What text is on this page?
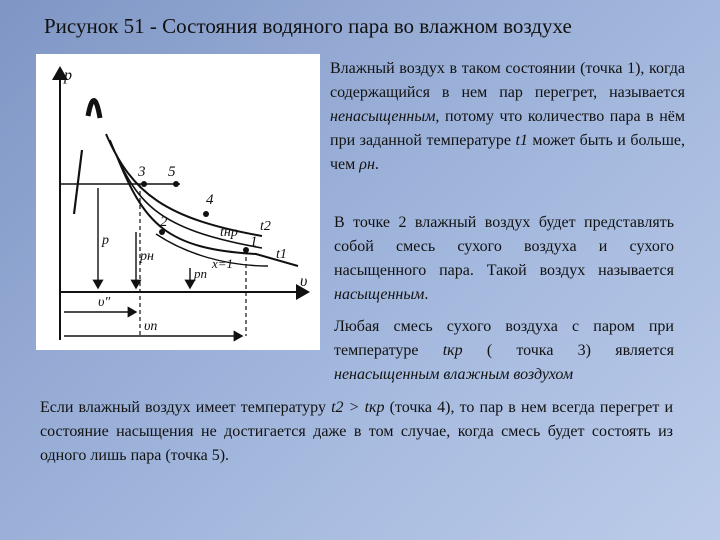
Рисунок 51 - Состояния водяного пара во влажном воздухе
p
υ
3 5
4
2
1
t2
tнр
t1
x=1
p
pн
pп
υ″
υп
Влажный воздух в таком состоянии (точка 1), когда содержащийся в нем пар перегрет, называется ненасыщенным, потому что количество пара в нём при заданной температуре t1 может быть и больше, чем ρн.
В точке 2 влажный воздух будет представлять собой смесь сухого воздуха и сухого насыщенного пара. Такой воздух называется насыщенным.
Любая смесь сухого воздуха с паром при температуре tкр ( точка 3) является ненасыщенным влажным воздухом
Если влажный воздух имеет температуру t2 > tкр (точка 4), то пар в нем всегда перегрет и состояние насыщения не достигается даже в том случае, когда смесь будет состоять из одного лишь пара (точка 5).
